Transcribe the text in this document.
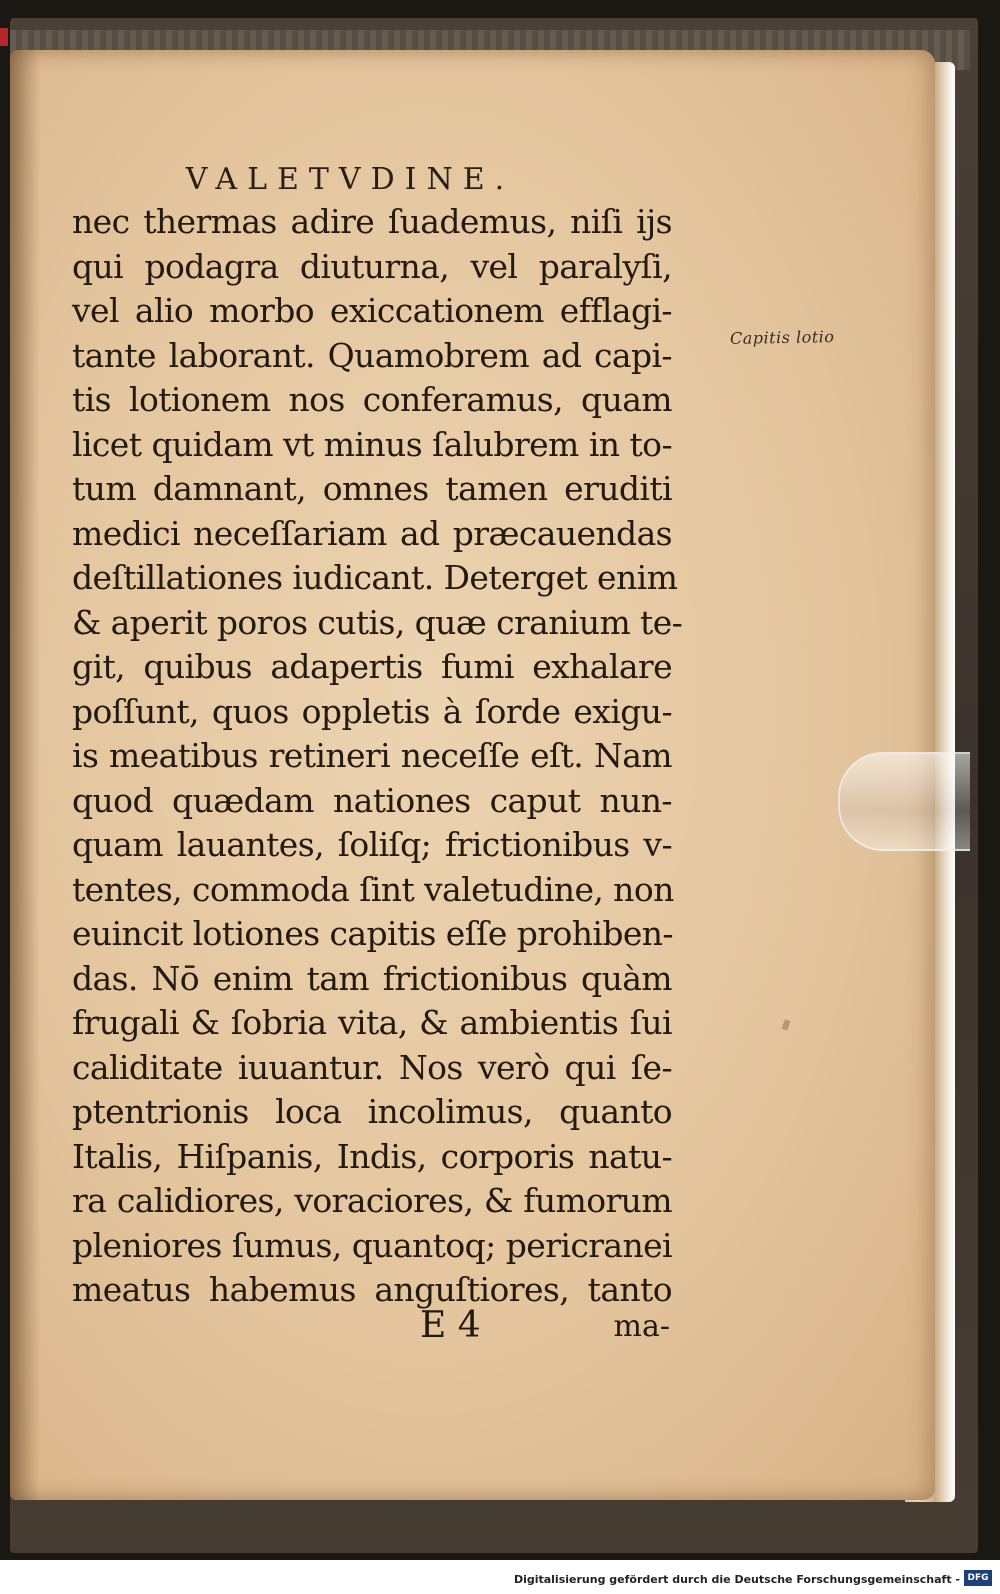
VALETVDINE.
nec thermas adire ſuademus, niſi ijs
qui podagra diuturna, vel paralyſi,
vel alio morbo exiccationem efflagi-
tante laborant. Quamobrem ad capi-
tis lotionem nos conferamus, quam
licet quidam vt minus ſalubrem in to-
tum damnant, omnes tamen eruditi
medici neceſſariam ad præcauendas
deſtillationes iudicant. Deterget enim
& aperit poros cutis, quæ cranium te-
git, quibus adapertis fumi exhalare
poſſunt, quos oppletis à ſorde exigu-
is meatibus retineri neceſſe eſt. Nam
quod quædam nationes caput nun-
quam lauantes, ſoliſq; frictionibus v-
tentes, commoda ſint valetudine, non
euincit lotiones capitis eſſe prohiben-
das. Nō enim tam frictionibus quàm
frugali & ſobria vita, & ambientis ſui
caliditate iuuantur. Nos verò qui ſe-
ptentrionis loca incolimus, quanto
Italis, Hiſpanis, Indis, corporis natu-
ra calidiores, voraciores, & fumorum
pleniores ſumus, quantoq; pericranei
meatus habemus anguſtiores, tanto
Capitis lotio
E 4	ma-
Digitalisierung gefördert durch die Deutsche Forschungsgemeinschaft - DFG
